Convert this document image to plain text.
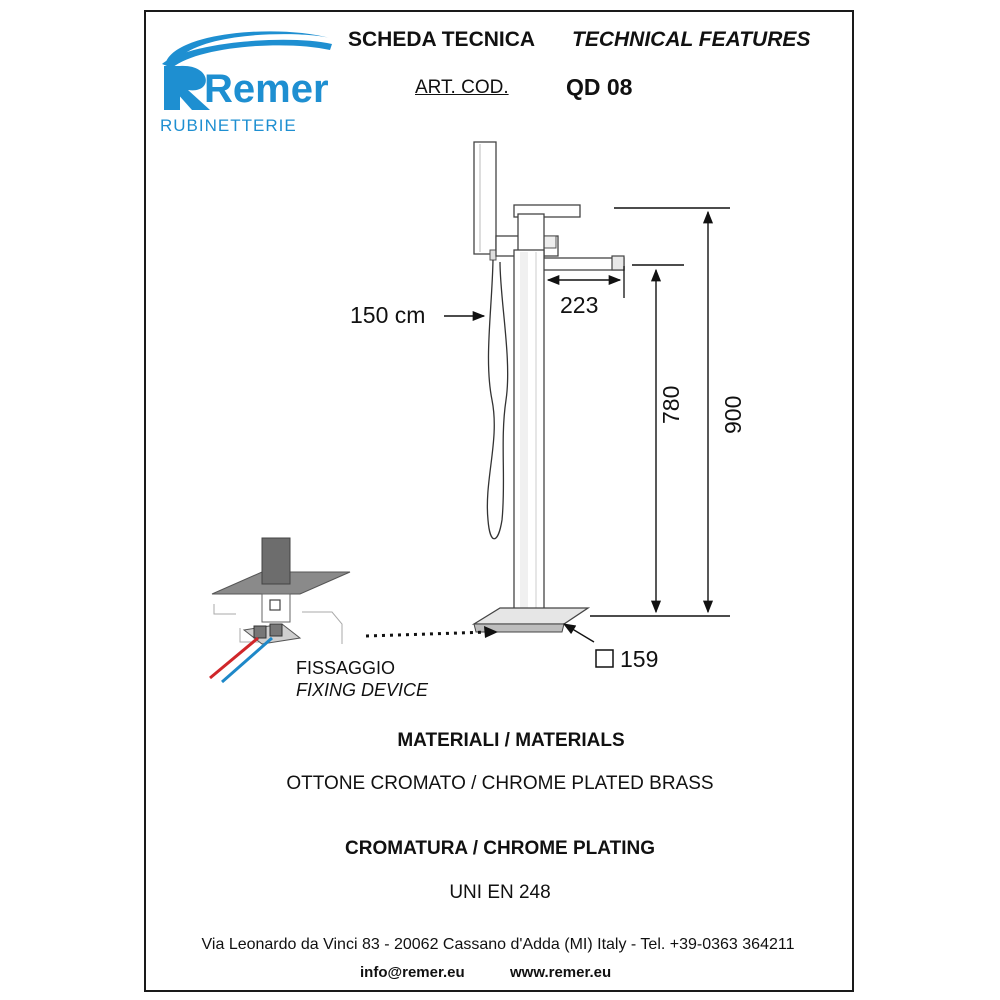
Remer
RUBINETTERIE
SCHEDA TECNICA TECHNICAL FEATURES
ART. COD. QD 08
150 cm	223
780 900
159
FISSAGGIO
FIXING DEVICE
MATERIALI / MATERIALS
OTTONE CROMATO / CHROME PLATED BRASS
CROMATURA / CHROME PLATING
UNI EN 248
Via Leonardo da Vinci 83 - 20062 Cassano d'Adda (MI) Italy - Tel. +39-0363 364211
info@remer.eu	www.remer.eu
